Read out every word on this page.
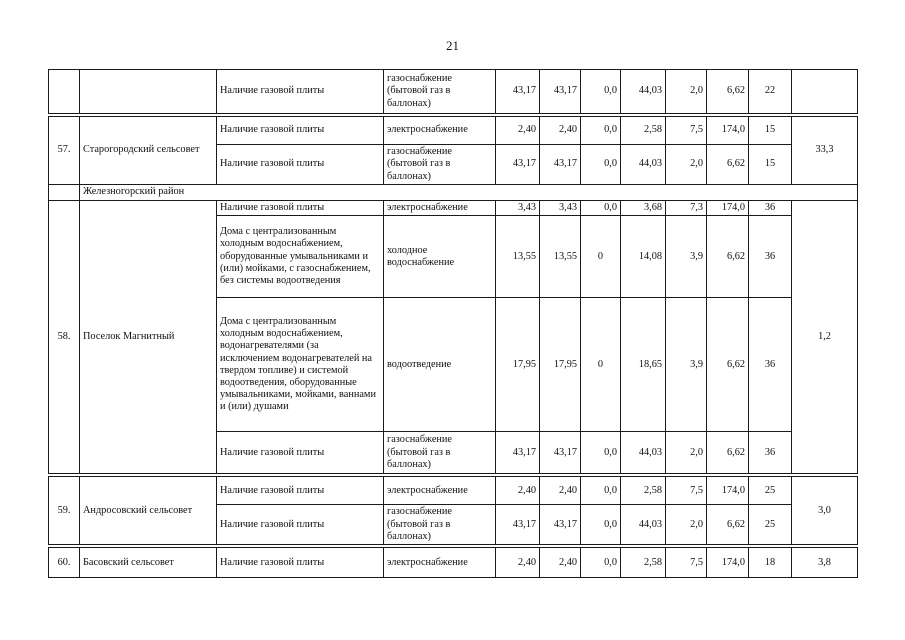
21
		Наличие газовой плиты	газоснабжение (бытовой газ в баллонах)	43,17	43,17	0,0	44,03	2,0	6,62	22	

57.	Старогородский сельсовет	Наличие газовой плиты	электроснабжение	2,40	2,40	0,0	2,58	7,5	174,0	15	33,3
		Наличие газовой плиты	газоснабжение (бытовой газ в баллонах)	43,17	43,17	0,0	44,03	2,0	6,62	15	
	Железногорский район										
58.	Поселок Магнитный	Наличие газовой плиты	электроснабжение	3,43	3,43	0,0	3,68	7,3	174,0	36	1,2
		Дома с централизованным холодным водоснабжением, оборудованные умывальниками и (или) мойками, с газоснабжением, без системы водоотведения	холодное водоснабжение	13,55	13,55	0	14,08	3,9	6,62	36	
		Дома с централизованным холодным водоснабжением, водонагревателями (за исключением водонагревателей на твердом топливе) и системой водоотведения, оборудованные умывальниками, мойками, ваннами и (или) душами	водоотведение	17,95	17,95	0	18,65	3,9	6,62	36	
		Наличие газовой плиты	газоснабжение (бытовой газ в баллонах)	43,17	43,17	0,0	44,03	2,0	6,62	36	

59.	Андросовский сельсовет	Наличие газовой плиты	электроснабжение	2,40	2,40	0,0	2,58	7,5	174,0	25	3,0
		Наличие газовой плиты	газоснабжение (бытовой газ в баллонах)	43,17	43,17	0,0	44,03	2,0	6,62	25	

60.	Басовский сельсовет	Наличие газовой плиты	электроснабжение	2,40	2,40	0,0	2,58	7,5	174,0	18	3,8
